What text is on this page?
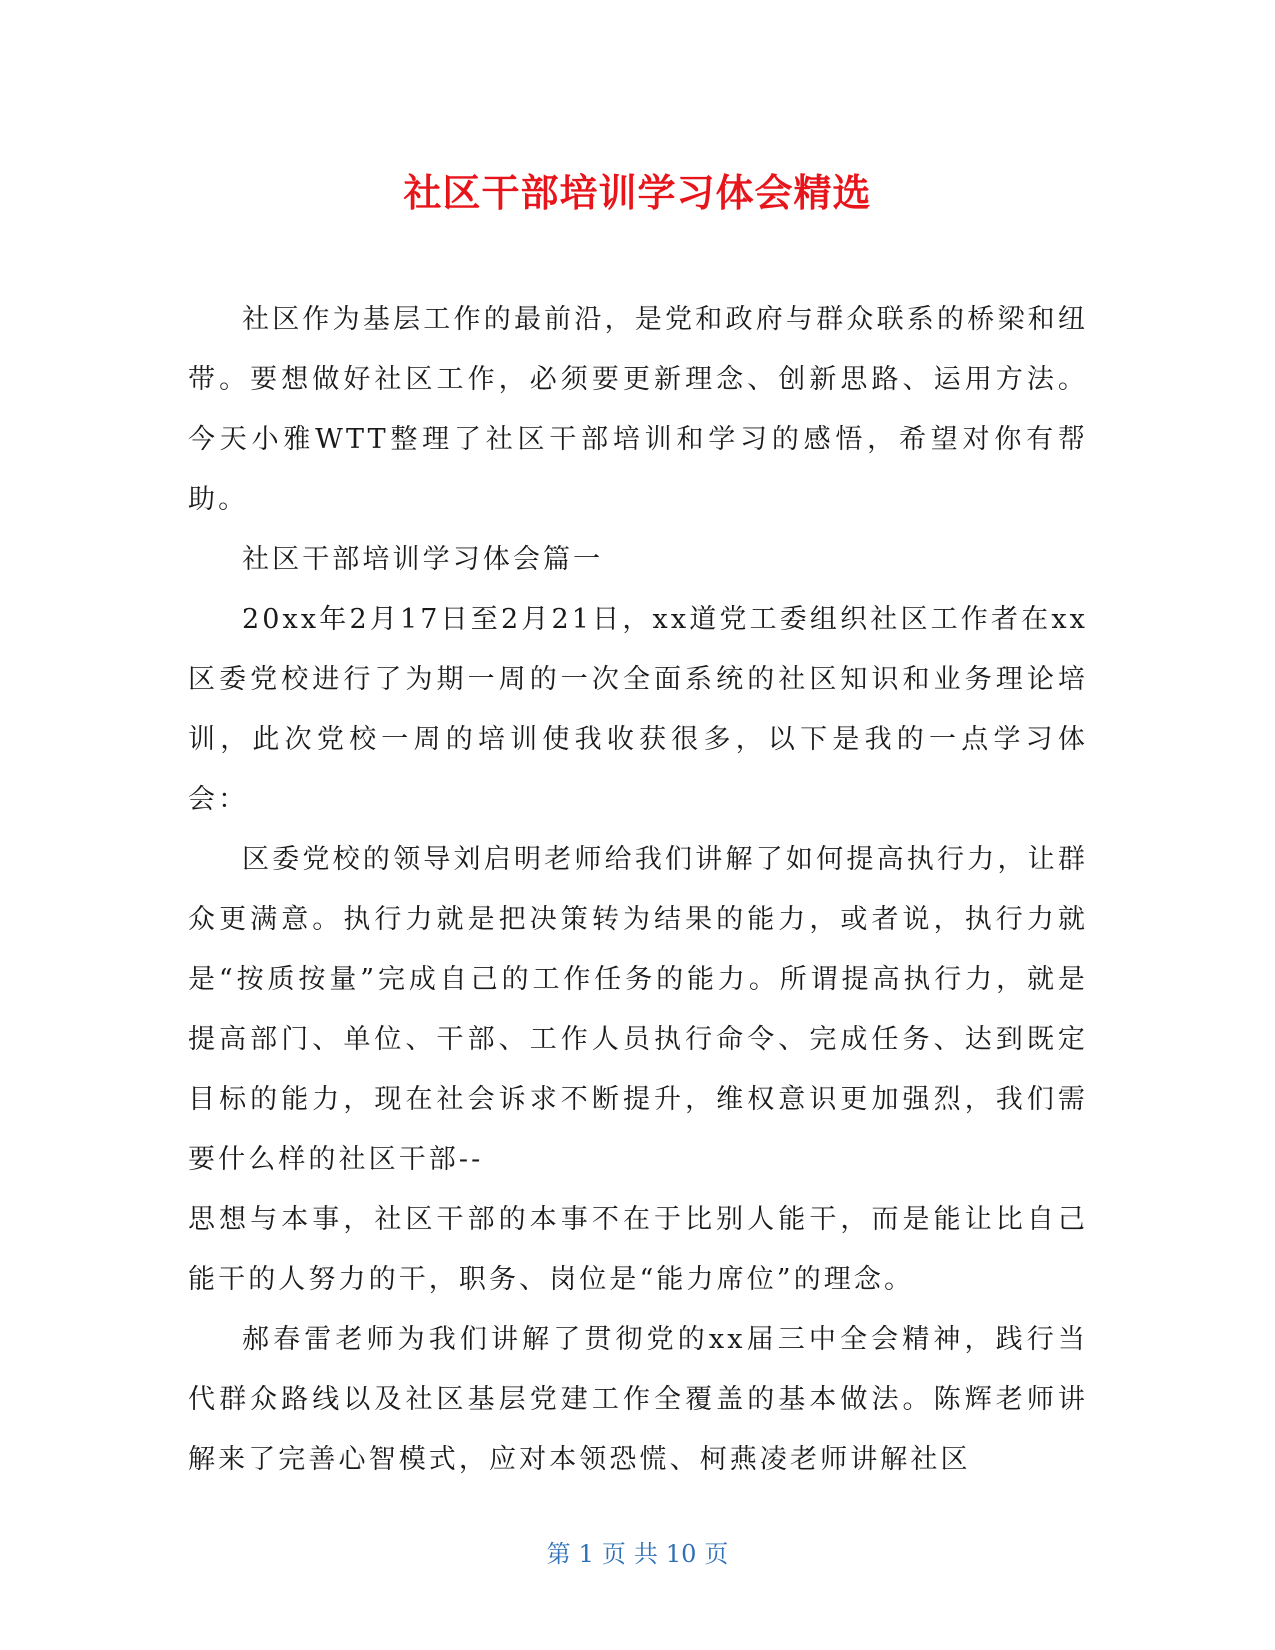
社区干部培训学习体会精选

社区作为基层工作的最前沿，是党和政府与群众联系的桥梁和纽带。要想做好社区工作，必须要更新理念、创新思路、运用方法。今天小雅WTT整理了社区干部培训和学习的感悟，希望对你有帮助。

社区干部培训学习体会篇一

20xx年2月17日至2月21日，xx道党工委组织社区工作者在xx区委党校进行了为期一周的一次全面系统的社区知识和业务理论培训，此次党校一周的培训使我收获很多，以下是我的一点学习体会：

区委党校的领导刘启明老师给我们讲解了如何提高执行力，让群众更满意。执行力就是把决策转为结果的能力，或者说，执行力就是“按质按量”完成自己的工作任务的能力。所谓提高执行力，就是提高部门、单位、干部、工作人员执行命令、完成任务、达到既定目标的能力，现在社会诉求不断提升，维权意识更加强烈，我们需要什么样的社区干部--

思想与本事，社区干部的本事不在于比别人能干，而是能让比自己能干的人努力的干，职务、岗位是“能力席位”的理念。

郝春雷老师为我们讲解了贯彻党的xx届三中全会精神，践行当代群众路线以及社区基层党建工作全覆盖的基本做法。陈辉老师讲解来了完善心智模式，应对本领恐慌、柯燕凌老师讲解社区

第 1 页 共 10 页
